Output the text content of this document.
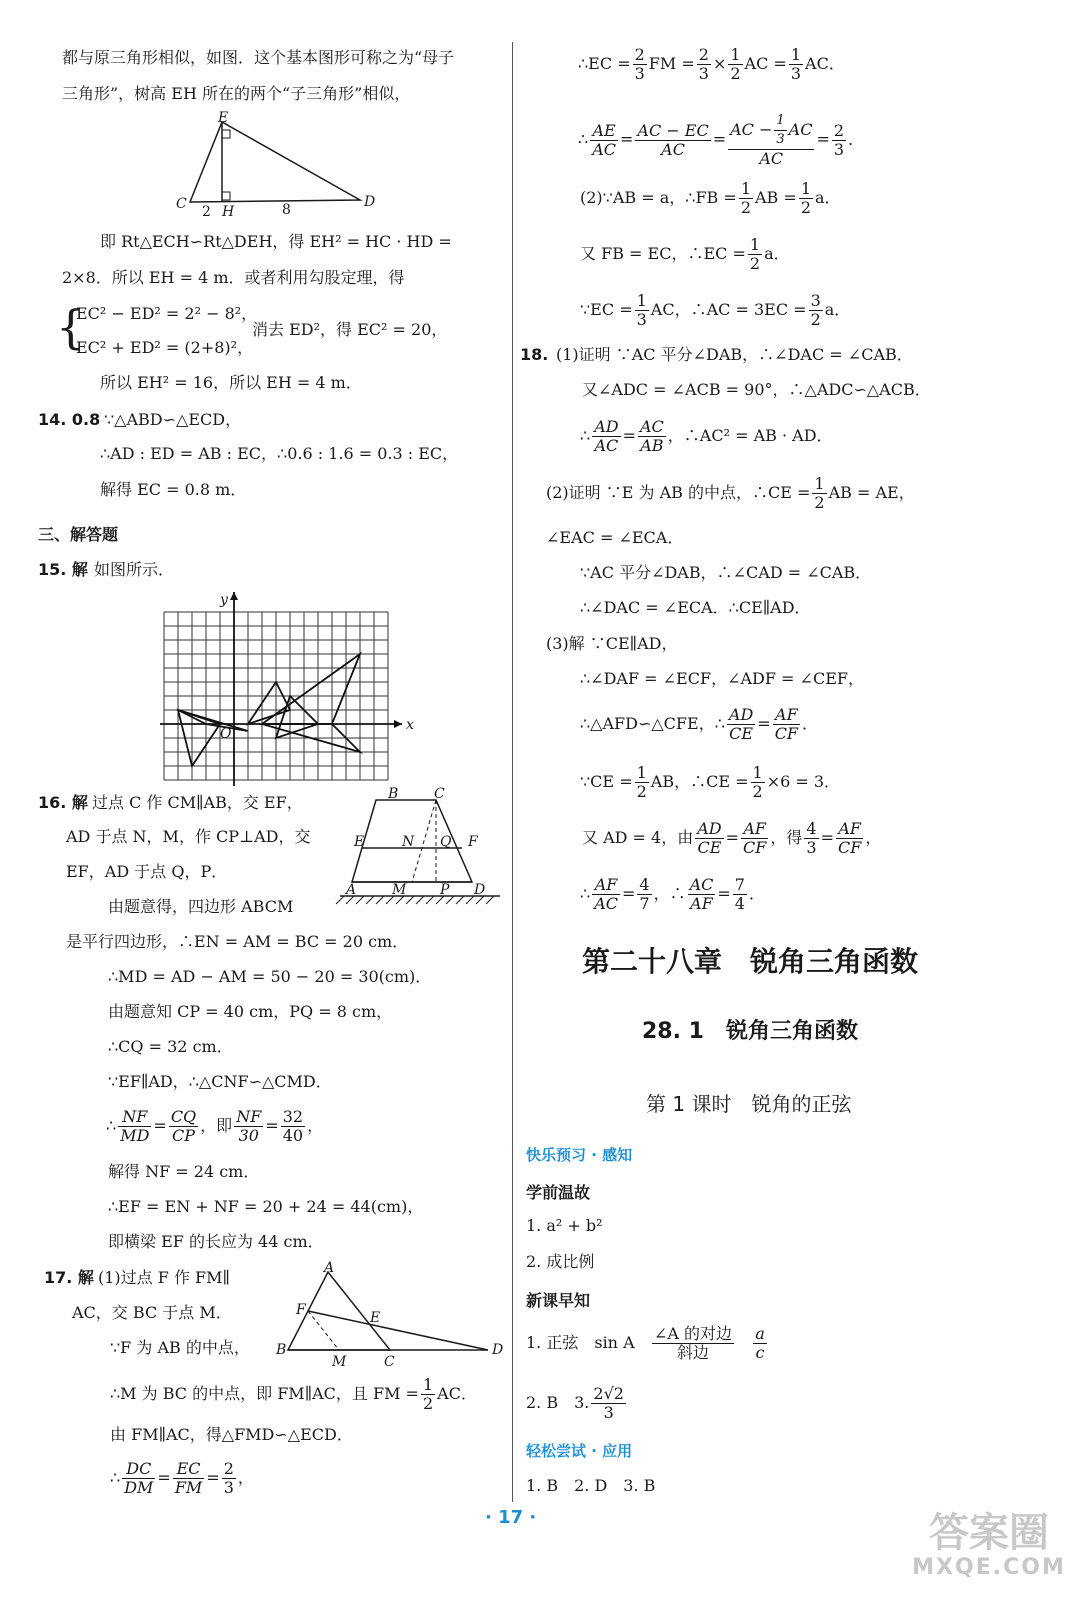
都与原三角形相似，如图．这个基本图形可称之为“母子
三角形”，树高 EH 所在的两个“子三角形”相似，
E
C	H
D
2	8
即 Rt△ECH∽Rt△DEH，得 EH² = HC · HD =
2×8．所以 EH = 4 m．或者利用勾股定理，得
{
EC² − ED² = 2² − 8²，
消去 ED²，得 EC² = 20，
EC² + ED² = (2+8)²，
所以 EH² = 16，所以 EH = 4 m．
14. 0.8 ∵△ABD∽△ECD，
∴AD : ED = AB : EC，∴0.6 : 1.6 = 0.3 : EC，
解得 EC = 0.8 m．
三、解答题
15. 解 如图所示．
y
x
O
16. 解 过点 C 作 CM∥AB，交 EF，
AD 于点 N，M，作 CP⊥AD，交
EF，AD 于点 Q，P．
B	C
E	N Q F
A	M P D
由题意得，四边形 ABCM
是平行四边形，∴EN = AM = BC = 20 cm．
∴MD = AD − AM = 50 − 20 = 30(cm)．
由题意知 CP = 40 cm，PQ = 8 cm，
∴CQ = 32 cm．
∵EF∥AD，∴△CNF∽△CMD．
∴ $\frac{NF}{MD} = \frac{CQ}{CP}$ ，即 $\frac{NF}{30} = \frac{32}{40}$ ，
解得 NF = 24 cm．
∴EF = EN + NF = 20 + 24 = 44(cm)，
即横梁 EF 的长应为 44 cm．
17. 解 (1)过点 F 作 FM∥
AC，交 BC 于点 M．
A
F	E
B
M	C
D
∵F 为 AB 的中点，
∴M 为 BC 的中点，即 FM∥AC，且 FM = $\frac{1}{2}$ AC．
由 FM∥AC，得△FMD∽△ECD．
∴ $\frac{DC}{DM} = \frac{EC}{FM} = \frac{2}{3}$ ，
∴EC = $\frac{2}{3}$ FM = $\frac{2}{3} \times \frac{1}{2}$ AC = $\frac{1}{3}$ AC．
∴ $\frac{AE}{AC} = \frac{AC - EC}{AC} = \frac{AC - \frac{1}{3} AC}{AC} = \frac{2}{3}$ ．
(2)∵AB = a，∴FB = $\frac{1}{2}$ AB = $\frac{1}{2}$ a．
又 FB = EC，∴EC = $\frac{1}{2}$ a．
∵EC = $\frac{1}{3}$ AC，∴AC = $3EC = \frac{3}{2}$ a．
18. (1)证明 ∵AC 平分∠DAB，∴∠DAC = ∠CAB．
又∠ADC = ∠ACB = 90°，∴△ADC∽△ACB．
∴ $\frac{AD}{AC} = \frac{AC}{AB}$ ，∴AC² = AB · AD．
(2)证明 ∵E 为 AB 的中点，∴CE = $\frac{1}{2}$ AB = AE，
∠EAC = ∠ECA．
∵AC 平分∠DAB，∴∠CAD = ∠CAB．
∴∠DAC = ∠ECA．∴CE∥AD．
(3)解 ∵CE∥AD，
∴∠DAF = ∠ECF，∠ADF = ∠CEF，
∴△AFD∽△CFE，∴ $\frac{AD}{CE} = \frac{AF}{CF}$ ．
∵CE = $\frac{1}{2}$ AB，∴CE = $\frac{1}{2} \times 6 = 3$．
又 AD = 4，由 $\frac{AD}{CE} = \frac{AF}{CF}$ ，得 $\frac{4}{3} = \frac{AF}{CF}$ ，
∴ $\frac{AF}{AC} = \frac{4}{7}$ ，∴ $\frac{AC}{AF} = \frac{7}{4}$ ．
第二十八章　锐角三角函数
28. 1　锐角三角函数
第 1 课时　锐角的正弦
快乐预习 · 感知
学前温故
1. a² + b²
2. 成比例
新课早知
1. 正弦　sin A $\frac{\text{∠A 的对边}}{\text{斜边}}$
$\frac{a}{c}$
2. B　3. $\frac{2√2}{3}$
轻松尝试 · 应用
1. B　2. D　3. B
· 17 ·	答案圈
MXQE.COM
